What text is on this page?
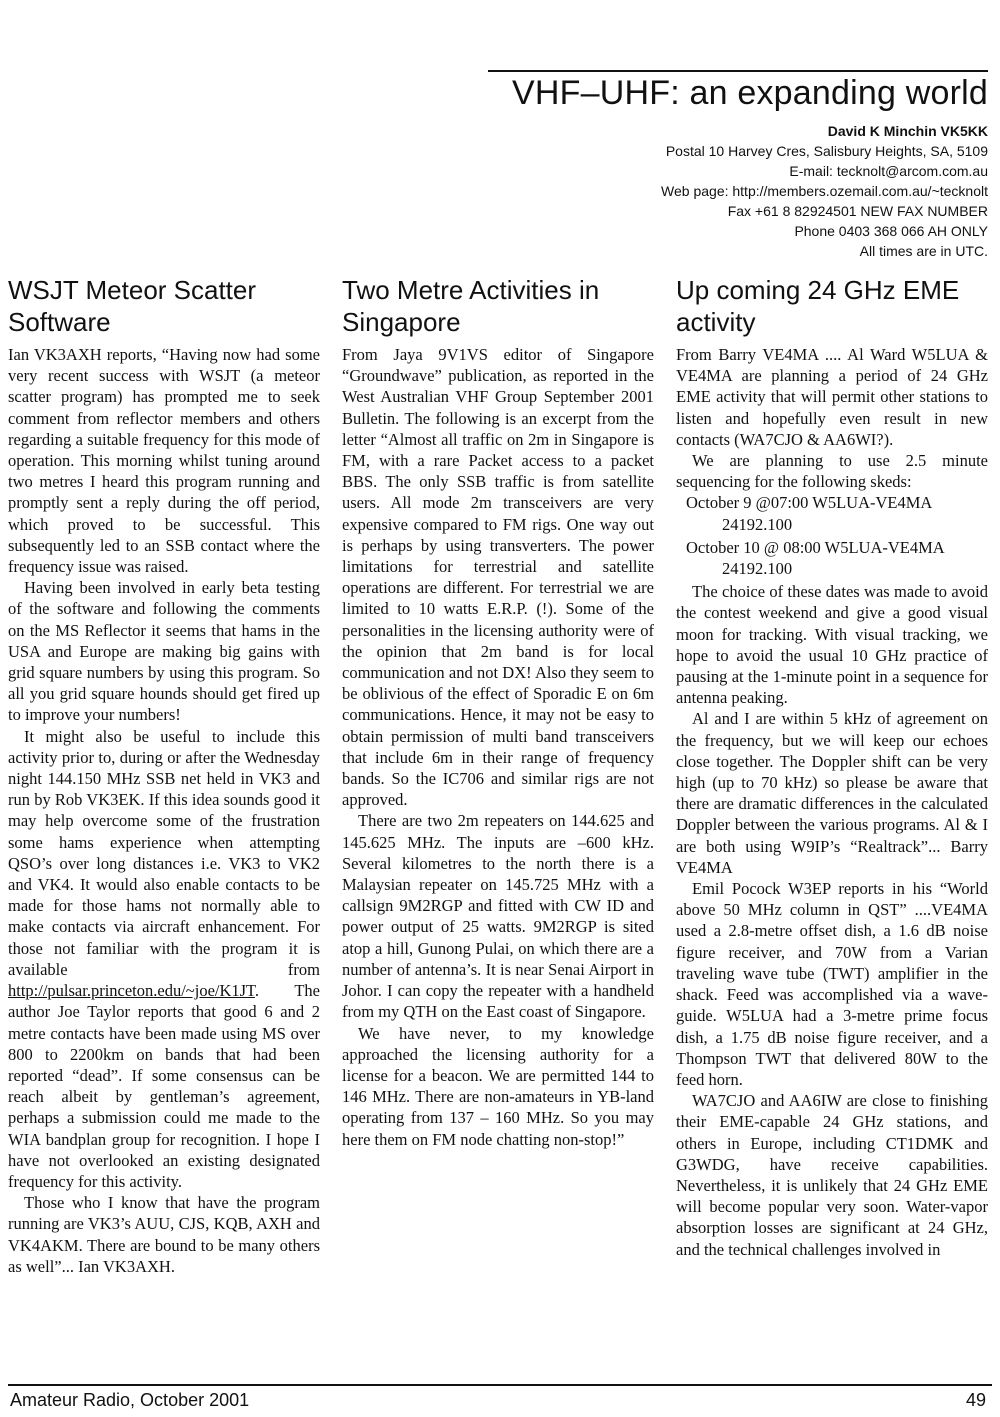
VHF–UHF: an expanding world
David K Minchin VK5KK
Postal 10 Harvey Cres, Salisbury Heights, SA, 5109
E-mail: tecknolt@arcom.com.au
Web page: http://members.ozemail.com.au/~tecknolt
Fax +61 8 82924501 NEW FAX NUMBER
Phone 0403 368 066 AH ONLY
All times are in UTC.
WSJT Meteor Scatter Software

Ian VK3AXH reports, “Having now had some very recent success with WSJT (a meteor scatter program) has prompted me to seek comment from reflector members and others regarding a suitable frequency for this mode of operation. This morning whilst tuning around two metres I heard this program running and promptly sent a reply during the off period, which proved to be successful. This subsequently led to an SSB contact where the frequency issue was raised.

Having been involved in early beta testing of the software and following the comments on the MS Reflector it seems that hams in the USA and Europe are making big gains with grid square numbers by using this program. So all you grid square hounds should get fired up to improve your numbers!

It might also be useful to include this activity prior to, during or after the Wednesday night 144.150 MHz SSB net held in VK3 and run by Rob VK3EK. If this idea sounds good it may help overcome some of the frustration some hams experience when attempting QSO’s over long distances i.e. VK3 to VK2 and VK4. It would also enable contacts to be made for those hams not normally able to make contacts via aircraft enhancement. For those not familiar with the program it is available from http://pulsar.princeton.edu/~joe/K1JT. The author Joe Taylor reports that good 6 and 2 metre contacts have been made using MS over 800 to 2200km on bands that had been reported “dead”. If some consensus can be reach albeit by gentleman’s agreement, perhaps a submission could me made to the WIA bandplan group for recognition. I hope I have not overlooked an existing designated frequency for this activity.

Those who I know that have the program running are VK3’s AUU, CJS, KQB, AXH and VK4AKM. There are bound to be many others as well”... Ian VK3AXH.

Two Metre Activities in Singapore

From Jaya 9V1VS editor of Singapore “Groundwave” publication, as reported in the West Australian VHF Group September 2001 Bulletin. The following is an excerpt from the letter “Almost all traffic on 2m in Singapore is FM, with a rare Packet access to a packet BBS. The only SSB traffic is from satellite users. All mode 2m transceivers are very expensive compared to FM rigs. One way out is perhaps by using transverters. The power limitations for terrestrial and satellite operations are different. For terrestrial we are limited to 10 watts E.R.P. (!). Some of the personalities in the licensing authority were of the opinion that 2m band is for local communication and not DX! Also they seem to be oblivious of the effect of Sporadic E on 6m communications. Hence, it may not be easy to obtain permission of multi band transceivers that include 6m in their range of frequency bands. So the IC706 and similar rigs are not approved.

There are two 2m repeaters on 144.625 and 145.625 MHz. The inputs are –600 kHz. Several kilometres to the north there is a Malaysian repeater on 145.725 MHz with a callsign 9M2RGP and fitted with CW ID and power output of 25 watts. 9M2RGP is sited atop a hill, Gunong Pulai, on which there are a number of antenna’s. It is near Senai Airport in Johor. I can copy the repeater with a handheld from my QTH on the East coast of Singapore.

We have never, to my knowledge approached the licensing authority for a license for a beacon. We are permitted 144 to 146 MHz. There are non-amateurs in YB-land operating from 137 – 160 MHz. So you may here them on FM node chatting non-stop!”

Up coming 24 GHz EME activity

From Barry VE4MA .... Al Ward W5LUA & VE4MA are planning a period of 24 GHz EME activity that will permit other stations to listen and hopefully even result in new contacts (WA7CJO & AA6WI?).

We are planning to use 2.5 minute sequencing for the following skeds:

October 9 @07:00 W5LUA-VE4MA
24192.100

October 10 @ 08:00 W5LUA-VE4MA
24192.100

The choice of these dates was made to avoid the contest weekend and give a good visual moon for tracking. With visual tracking, we hope to avoid the usual 10 GHz practice of pausing at the 1-minute point in a sequence for antenna peaking.

Al and I are within 5 kHz of agreement on the frequency, but we will keep our echoes close together. The Doppler shift can be very high (up to 70 kHz) so please be aware that there are dramatic differences in the calculated Doppler between the various programs. Al & I are both using W9IP’s “Realtrack”... Barry VE4MA

Emil Pocock W3EP reports in his “World above 50 MHz column in QST” ....VE4MA used a 2.8-metre offset dish, a 1.6 dB noise figure receiver, and 70W from a Varian traveling wave tube (TWT) amplifier in the shack. Feed was accomplished via a wave-guide. W5LUA had a 3-metre prime focus dish, a 1.75 dB noise figure receiver, and a Thompson TWT that delivered 80W to the feed horn.

WA7CJO and AA6IW are close to finishing their EME-capable 24 GHz stations, and others in Europe, including CT1DMK and G3WDG, have receive capabilities. Nevertheless, it is unlikely that 24 GHz EME will become popular very soon. Water-vapor absorption losses are significant at 24 GHz, and the technical challenges involved in

Amateur Radio, October 2001	49
